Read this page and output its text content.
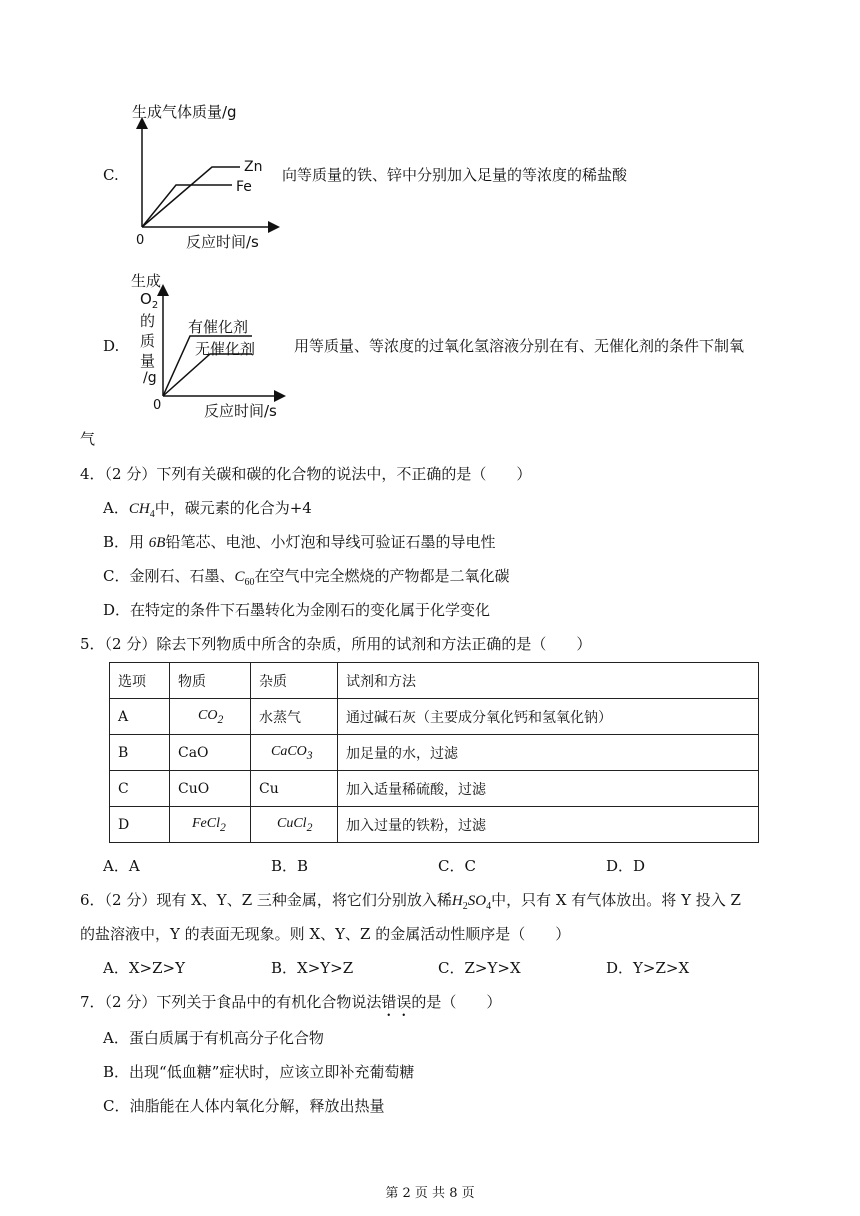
C.
生成气体质量/g
Zn
Fe
0	反应时间/s
向等质量的铁、锌中分别加入足量的等浓度的稀盐酸
D.
生成
$O_2$
的
质
量
/g
有催化剂
无催化剂
0	反应时间/s
用等质量、等浓度的过氧化氢溶液分别在有、无催化剂的条件下制氧
气
4．（2 分）下列有关碳和碳的化合物的说法中，不正确的是（　　）
A．$CH_4$中，碳元素的化合为+4
B．用 6B铅笔芯、电池、小灯泡和导线可验证石墨的导电性
C．金刚石、石墨、$C_{60}$在空气中完全燃烧的产物都是二氧化碳
D．在特定的条件下石墨转化为金刚石的变化属于化学变化
5．（2 分）除去下列物质中所含的杂质，所用的试剂和方法正确的是（　　）
选项	物质	杂质	试剂和方法
A	$CO_2$	水蒸气	通过碱石灰（主要成分氧化钙和氢氧化钠）
B	CaO	CaCO$_3$	加足量的水，过滤
C	CuO	Cu	加入适量稀硫酸，过滤
D	FeCl$_2$	CuCl$_2$	加入过量的铁粉，过滤
A．A	B．B	C．C	D．D
6．（2 分）现有 X、Y、Z 三种金属，将它们分别放入稀$H_2SO_4$中，只有 X 有气体放出。将 Y 投入 Z
的盐溶液中，Y 的表面无现象。则 X、Y、Z 的金属活动性顺序是（　　）
A．X>Z>Y	B．X>Y>Z	C．Z>Y>X	D．Y>Z>X
7．（2 分）下列关于食品中的有机化合物说法错误的是（　　）
A．蛋白质属于有机高分子化合物
B．出现“低血糖”症状时，应该立即补充葡萄糖
C．油脂能在人体内氧化分解，释放出热量
第 2 页 共 8 页
